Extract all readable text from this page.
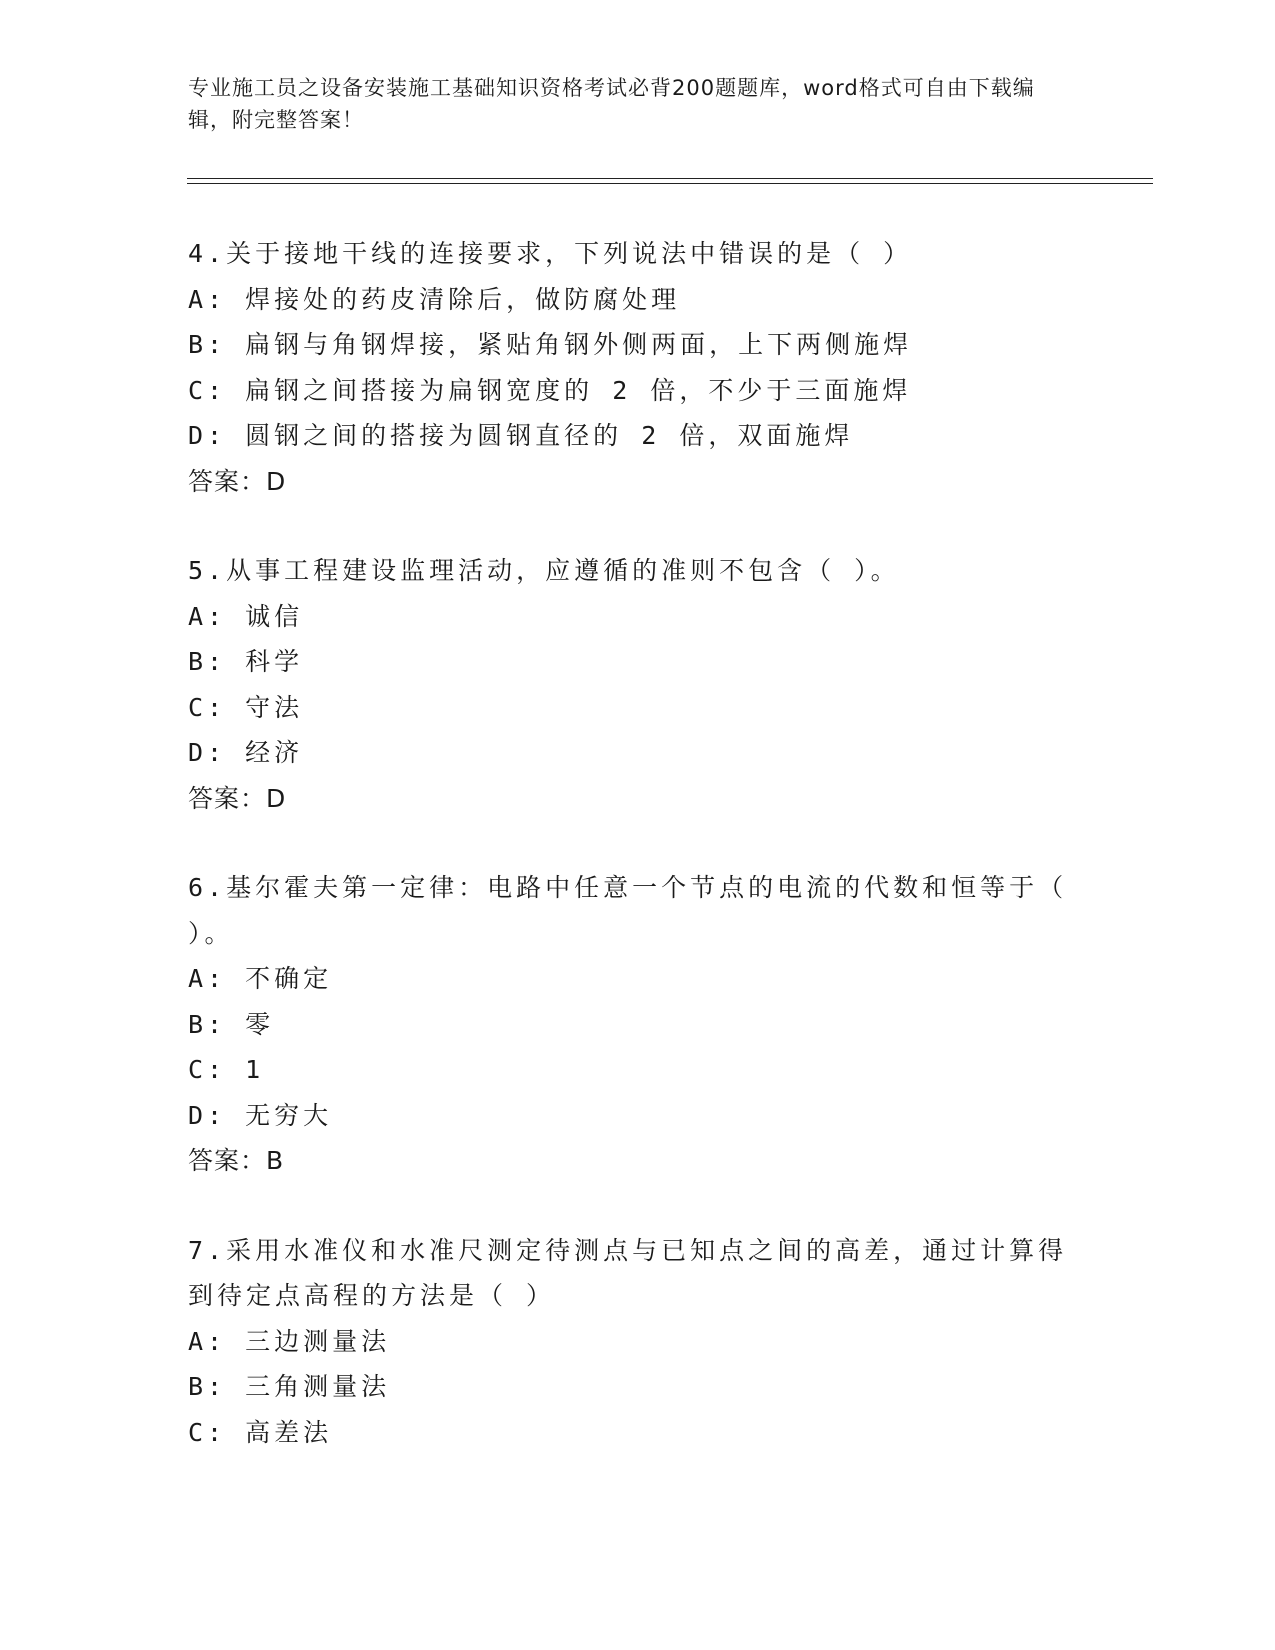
专业施工员之设备安装施工基础知识资格考试必背200题题库，word格式可自由下载编辑，附完整答案！
4.关于接地干线的连接要求，下列说法中错误的是（ ）
A: 焊接处的药皮清除后，做防腐处理
B: 扁钢与角钢焊接，紧贴角钢外侧两面，上下两侧施焊
C: 扁钢之间搭接为扁钢宽度的 2 倍，不少于三面施焊
D: 圆钢之间的搭接为圆钢直径的 2 倍，双面施焊
答案：D
5.从事工程建设监理活动，应遵循的准则不包含（ ）。
A: 诚信
B: 科学
C: 守法
D: 经济
答案：D
6.基尔霍夫第一定律：电路中任意一个节点的电流的代数和恒等于（ ）。
A: 不确定
B: 零
C: 1
D: 无穷大
答案：B
7.采用水准仪和水准尺测定待测点与已知点之间的高差，通过计算得到待定点高程的方法是（ ）
A: 三边测量法
B: 三角测量法
C: 高差法
